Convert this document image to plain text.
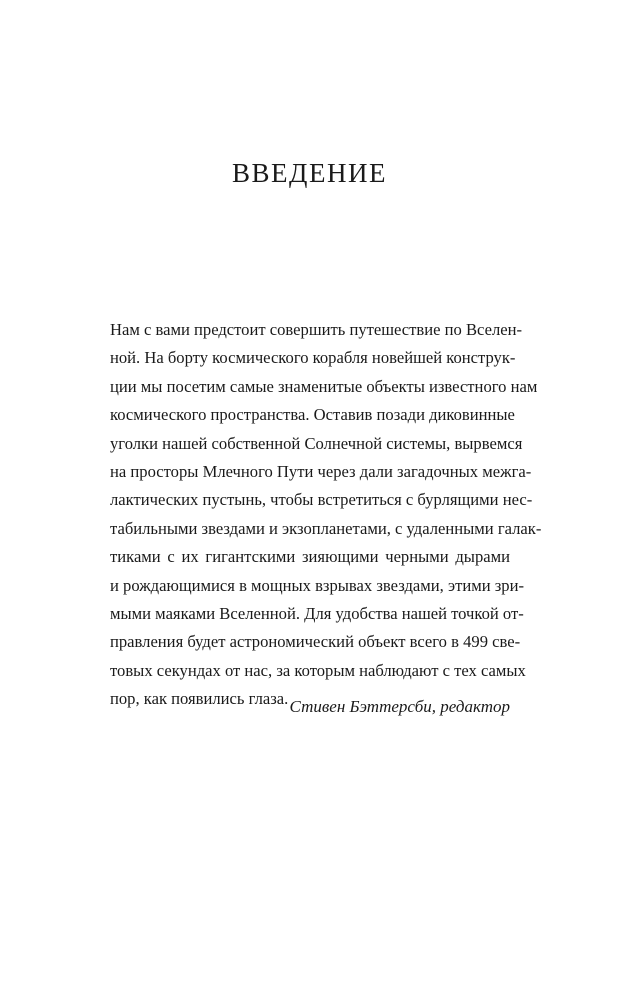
ВВЕДЕНИЕ
Нам с вами предстоит совершить путешествие по Вселен-
ной. На борту космического корабля новейшей конструк-
ции мы посетим самые знаменитые объекты известного нам
космического пространства. Оставив позади диковинные
уголки нашей собственной Солнечной системы, вырвемся
на просторы Млечного Пути через дали загадочных межга-
лактических пустынь, чтобы встретиться с бурлящими нес-
табильными звездами и экзопланетами, с удаленными галак-
тиками с их гигантскими зияющими черными дырами
и рождающимися в мощных взрывах звездами, этими зри-
мыми маяками Вселенной. Для удобства нашей точкой от-
правления будет астрономический объект всего в 499 све-
товых секундах от нас, за которым наблюдают с тех самых
пор, как появились глаза. Стивен Бэттерсби, редактор
